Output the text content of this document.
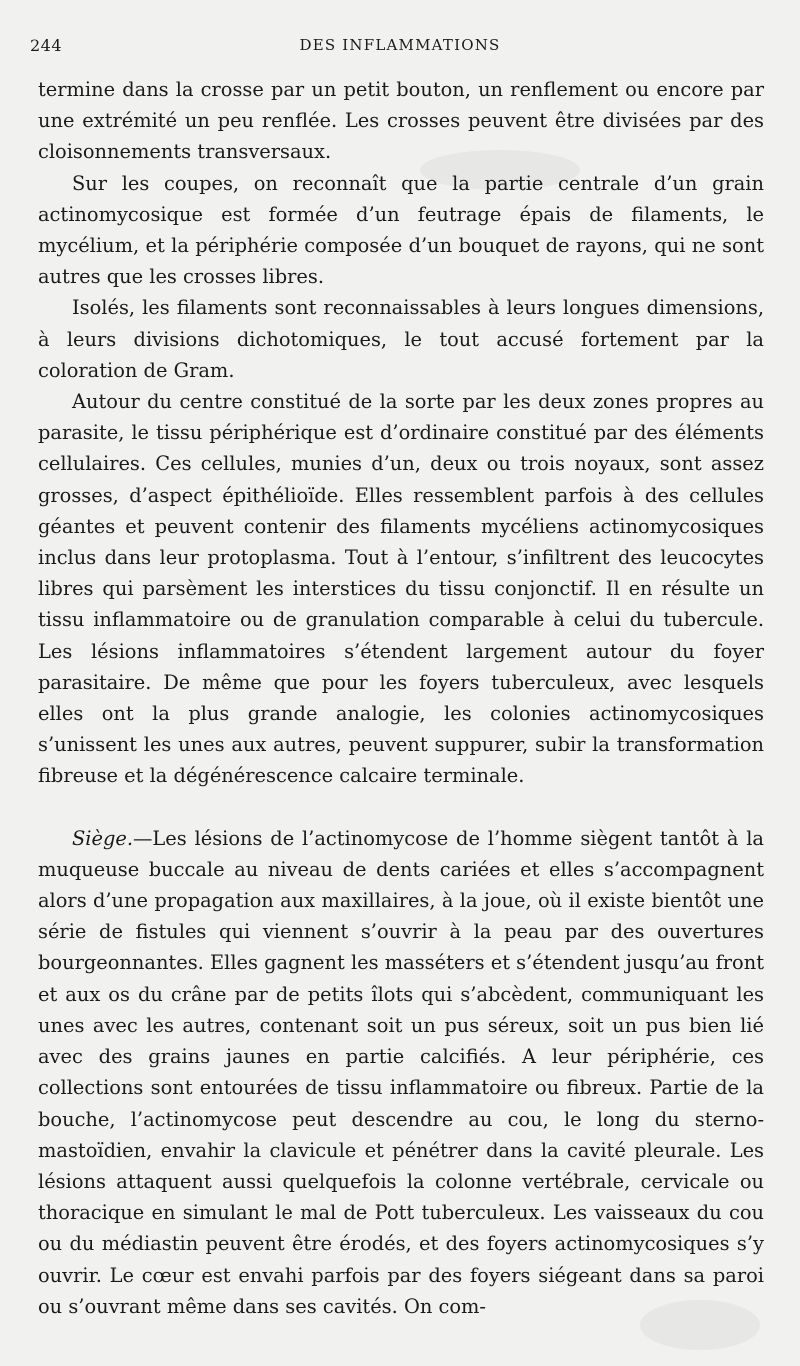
244	DES INFLAMMATIONS

termine dans la crosse par un petit bouton, un renflement ou encore par une extrémité un peu renflée. Les crosses peuvent être divisées par des cloisonnements transversaux.

Sur les coupes, on reconnaît que la partie centrale d’un grain actinomycosique est formée d’un feutrage épais de filaments, le mycélium, et la périphérie composée d’un bouquet de rayons, qui ne sont autres que les crosses libres.

Isolés, les filaments sont reconnaissables à leurs longues dimensions, à leurs divisions dichotomiques, le tout accusé fortement par la coloration de Gram.

Autour du centre constitué de la sorte par les deux zones propres au parasite, le tissu périphérique est d’ordinaire constitué par des éléments cellulaires. Ces cellules, munies d’un, deux ou trois noyaux, sont assez grosses, d’aspect épithélioïde. Elles ressemblent parfois à des cellules géantes et peuvent contenir des filaments mycéliens actinomycosiques inclus dans leur protoplasma. Tout à l’entour, s’infiltrent des leucocytes libres qui parsèment les interstices du tissu conjonctif. Il en résulte un tissu inflammatoire ou de granulation comparable à celui du tubercule. Les lésions inflammatoires s’étendent largement autour du foyer parasitaire. De même que pour les foyers tuberculeux, avec lesquels elles ont la plus grande analogie, les colonies actinomycosiques s’unissent les unes aux autres, peuvent suppurer, subir la transformation fibreuse et la dégénérescence calcaire terminale.

Siège.—Les lésions de l’actinomycose de l’homme siègent tantôt à la muqueuse buccale au niveau de dents cariées et elles s’accompagnent alors d’une propagation aux maxillaires, à la joue, où il existe bientôt une série de fistules qui viennent s’ouvrir à la peau par des ouvertures bourgeonnantes. Elles gagnent les masséters et s’étendent jusqu’au front et aux os du crâne par de petits îlots qui s’abcèdent, communiquant les unes avec les autres, contenant soit un pus séreux, soit un pus bien lié avec des grains jaunes en partie calcifiés. A leur périphérie, ces collections sont entourées de tissu inflammatoire ou fibreux. Partie de la bouche, l’actinomycose peut descendre au cou, le long du sterno-mastoïdien, envahir la clavicule et pénétrer dans la cavité pleurale. Les lésions attaquent aussi quelquefois la colonne vertébrale, cervicale ou thoracique en simulant le mal de Pott tuberculeux. Les vaisseaux du cou ou du médiastin peuvent être érodés, et des foyers actinomycosiques s’y ouvrir. Le cœur est envahi parfois par des foyers siégeant dans sa paroi ou s’ouvrant même dans ses cavités. On com-
